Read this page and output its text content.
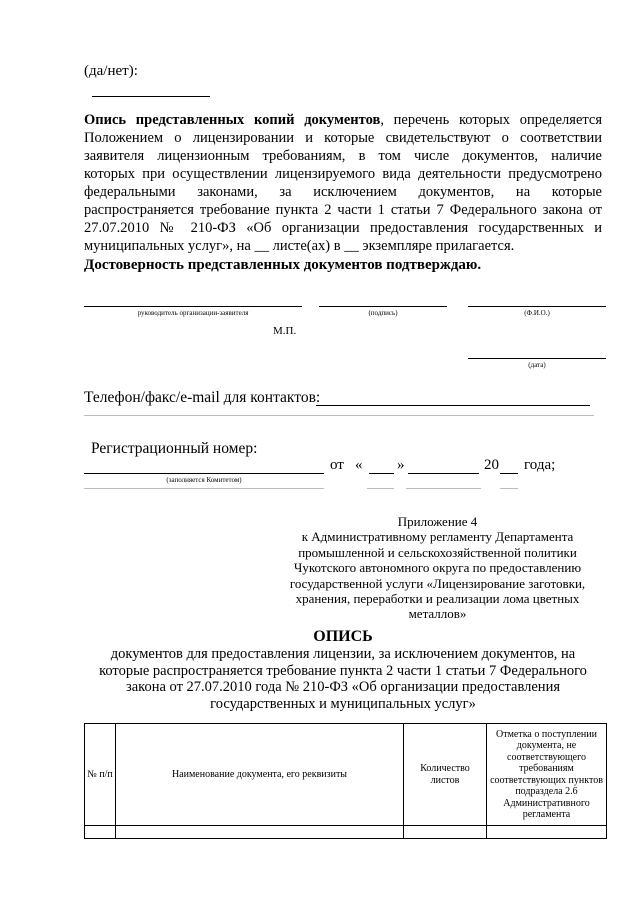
(да/нет):
Опись представленных копий документов, перечень которых определяется
Положением о лицензировании и которые свидетельствуют о соответствии
заявителя лицензионным требованиям, в том числе документов, наличие
которых при осуществлении лицензируемого вида деятельности предусмотрено
федеральными законами, за исключением документов, на которые
распространяется требование пункта 2 части 1 статьи 7 Федерального закона от
27.07.2010 № 210-ФЗ «Об организации предоставления государственных и
муниципальных услуг», на __ листе(ах) в __ экземпляре прилагается.
Достоверность представленных документов подтверждаю.
руководитель организации-заявителя	(подпись)	(Ф.И.О.)
М.П.
(дата)
Телефон/факс/e-mail для контактов:
Регистрационный номер:
от « »	20 года;
(заполняется Комитетом)
Приложение 4
к Административному регламенту Департамента
промышленной и сельскохозяйственной политики
Чукотского автономного округа по предоставлению
государственной услуги «Лицензирование заготовки,
хранения, переработки и реализации лома цветных
металлов»
ОПИСЬ
документов для предоставления лицензии, за исключением документов, на
которые распространяется требование пункта 2 части 1 статьи 7 Федерального
закона от 27.07.2010 года № 210-ФЗ «Об организации предоставления
государственных и муниципальных услуг»
№ п/п	Наименование документа, его реквизиты	Количество листов	Отметка о поступлении документа, не соответствующего требованиям соответствующих пунктов подраздела 2.6 Административного регламента
